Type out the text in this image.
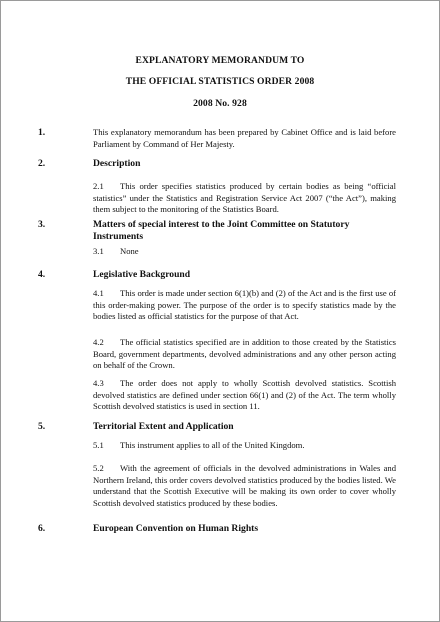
EXPLANATORY MEMORANDUM TO
THE OFFICIAL STATISTICS ORDER 2008
2008 No. 928
1.	This explanatory memorandum has been prepared by Cabinet Office and is laid before Parliament by Command of Her Majesty.
2.	Description
2.1 This order specifies statistics produced by certain bodies as being “official statistics” under the Statistics and Registration Service Act 2007 (“the Act”), making them subject to the monitoring of the Statistics Board.
3.	Matters of special interest to the Joint Committee on Statutory Instruments
3.1 None
4.	Legislative Background
4.1 This order is made under section 6(1)(b) and (2) of the Act and is the first use of this order-making power. The purpose of the order is to specify statistics made by the bodies listed as official statistics for the purpose of that Act.
4.2 The official statistics specified are in addition to those created by the Statistics Board, government departments, devolved administrations and any other person acting on behalf of the Crown.
4.3 The order does not apply to wholly Scottish devolved statistics. Scottish devolved statistics are defined under section 66(1) and (2) of the Act. The term wholly Scottish devolved statistics is used in section 11.
5.	Territorial Extent and Application
5.1 This instrument applies to all of the United Kingdom.
5.2 With the agreement of officials in the devolved administrations in Wales and Northern Ireland, this order covers devolved statistics produced by the bodies listed. We understand that the Scottish Executive will be making its own order to cover wholly Scottish devolved statistics produced by these bodies.
6.	European Convention on Human Rights
